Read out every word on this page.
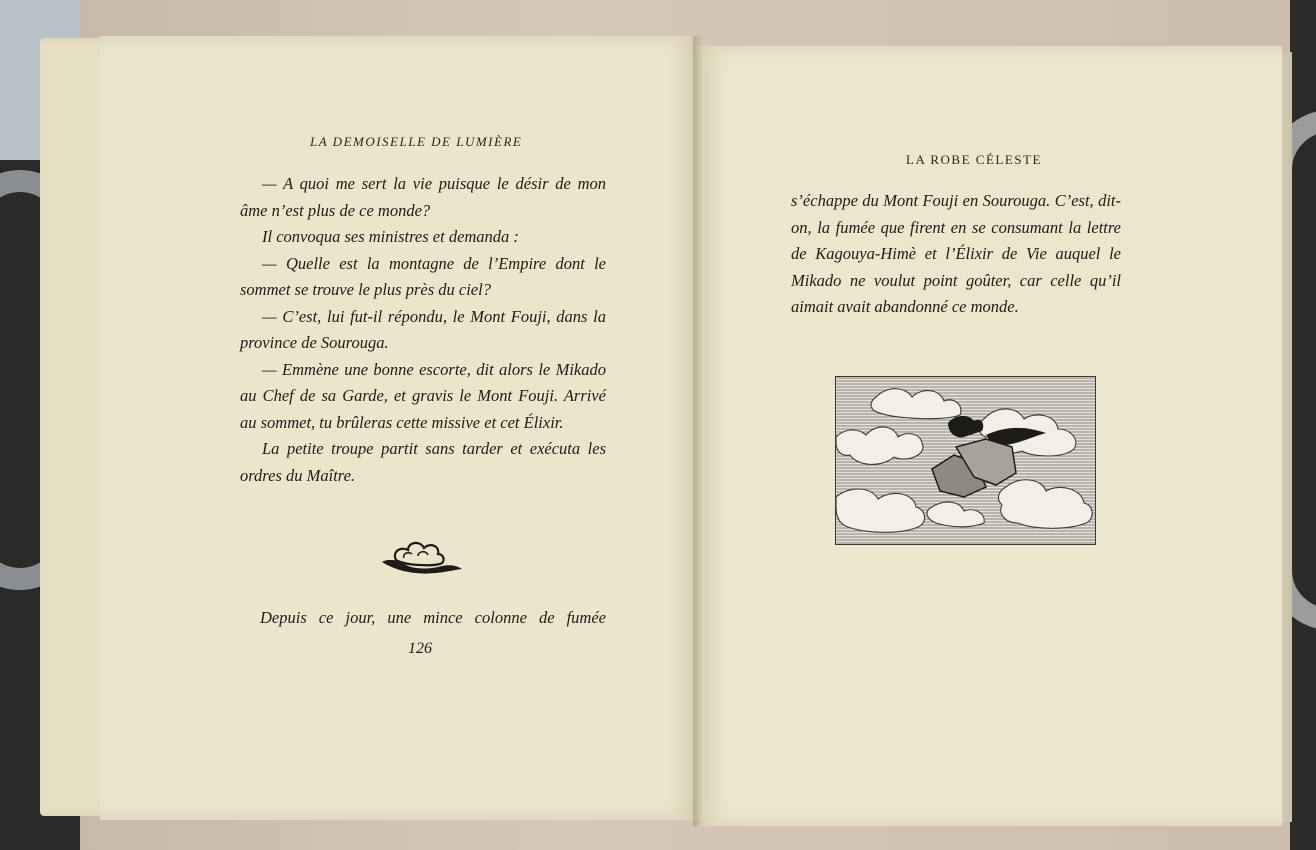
LA DEMOISELLE DE LUMIÈRE

— A quoi me sert la vie puisque le désir de mon âme n’est plus de ce monde?

Il convoqua ses ministres et demanda :

— Quelle est la montagne de l’Empire dont le sommet se trouve le plus près du ciel?

— C’est, lui fut-il répondu, le Mont Fouji, dans la province de Sourouga.

— Emmène une bonne escorte, dit alors le Mikado au Chef de sa Garde, et gravis le Mont Fouji. Arrivé au sommet, tu brûleras cette missive et cet Élixir.

La petite troupe partit sans tarder et exécuta les ordres du Maître.

Depuis ce jour, une mince colonne de fumée
126
LA ROBE CÉLESTE

s’échappe du Mont Fouji en Sourouga. C’est, dit-on, la fumée que firent en se consumant la lettre de Kagouya-Himè et l’Élixir de Vie auquel le Mikado ne voulut point goûter, car celle qu’il aimait avait abandonné ce monde.
